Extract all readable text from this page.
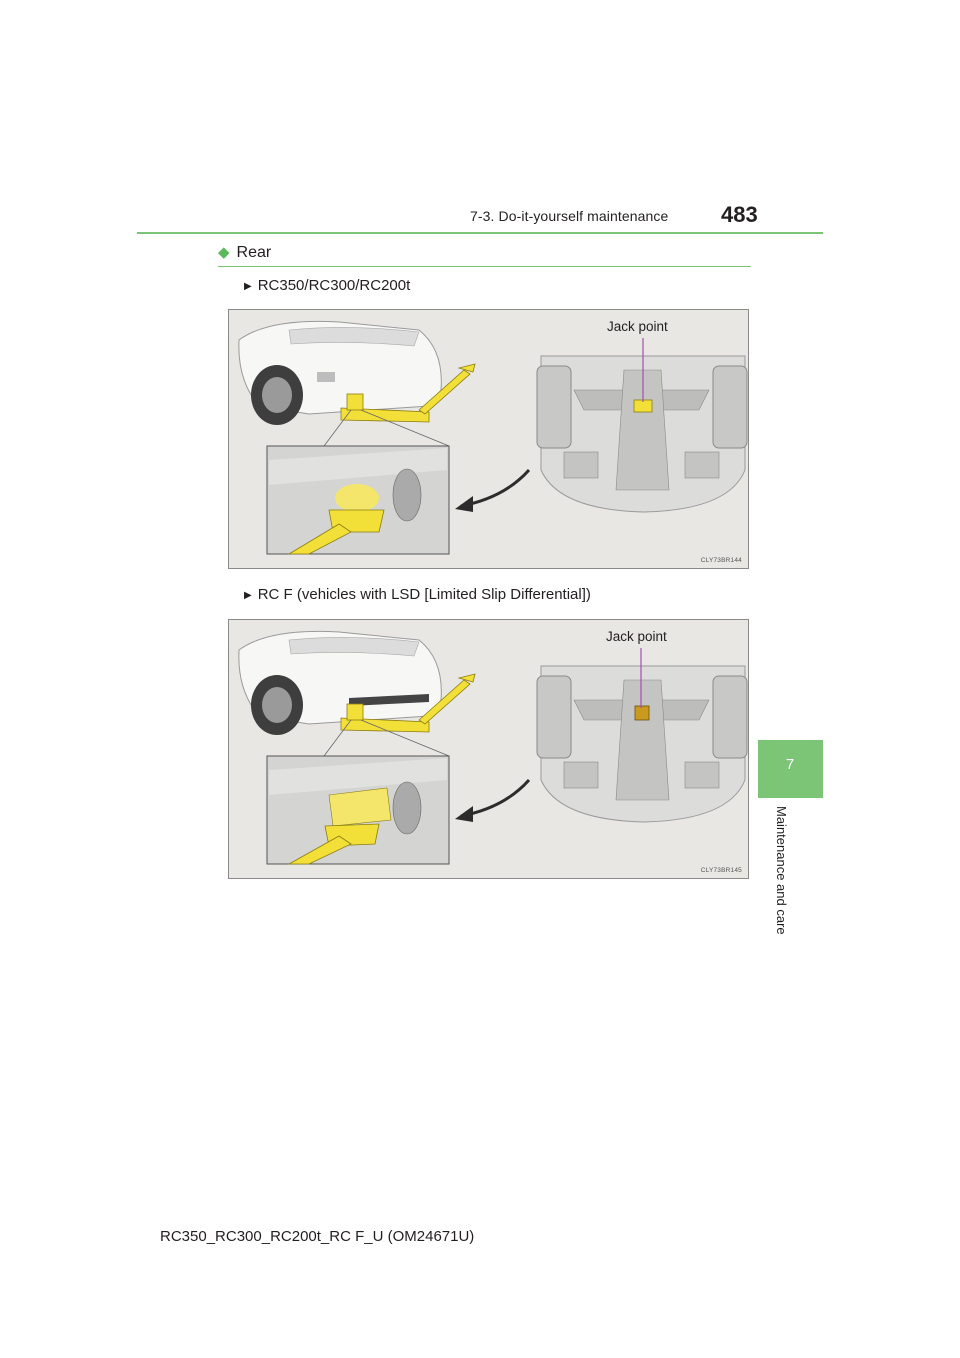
7-3. Do-it-yourself maintenance 483
◆ Rear
▶ RC350/RC300/RC200t
Jack point
CLY73BR144
▶ RC F (vehicles with LSD [Limited Slip Differential])
Jack point
CLY73BR145
7
Maintenance and care
RC350_RC300_RC200t_RC F_U (OM24671U)
